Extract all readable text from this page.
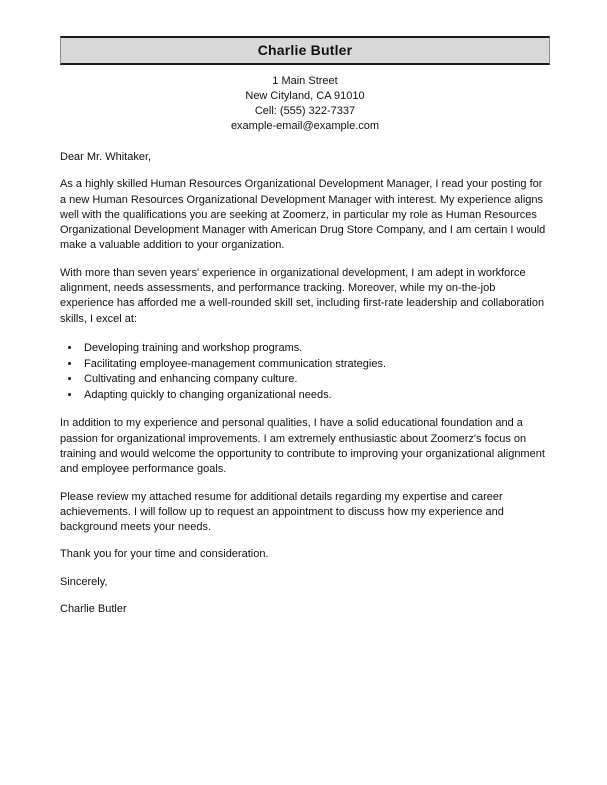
Charlie Butler
1 Main Street
New Cityland, CA 91010
Cell: (555) 322-7337
example-email@example.com

Dear Mr. Whitaker,

As a highly skilled Human Resources Organizational Development Manager, I read your posting for a new Human Resources Organizational Development Manager with interest. My experience aligns well with the qualifications you are seeking at Zoomerz, in particular my role as Human Resources Organizational Development Manager with American Drug Store Company, and I am certain I would make a valuable addition to your organization.

With more than seven years' experience in organizational development, I am adept in workforce alignment, needs assessments, and performance tracking. Moreover, while my on-the-job experience has afforded me a well-rounded skill set, including first-rate leadership and collaboration skills, I excel at:

• Developing training and workshop programs.
• Facilitating employee-management communication strategies.
• Cultivating and enhancing company culture.
• Adapting quickly to changing organizational needs.

In addition to my experience and personal qualities, I have a solid educational foundation and a passion for organizational improvements. I am extremely enthusiastic about Zoomerz's focus on training and would welcome the opportunity to contribute to improving your organizational alignment and employee performance goals.

Please review my attached resume for additional details regarding my expertise and career achievements. I will follow up to request an appointment to discuss how my experience and background meets your needs.

Thank you for your time and consideration.

Sincerely,

Charlie Butler
